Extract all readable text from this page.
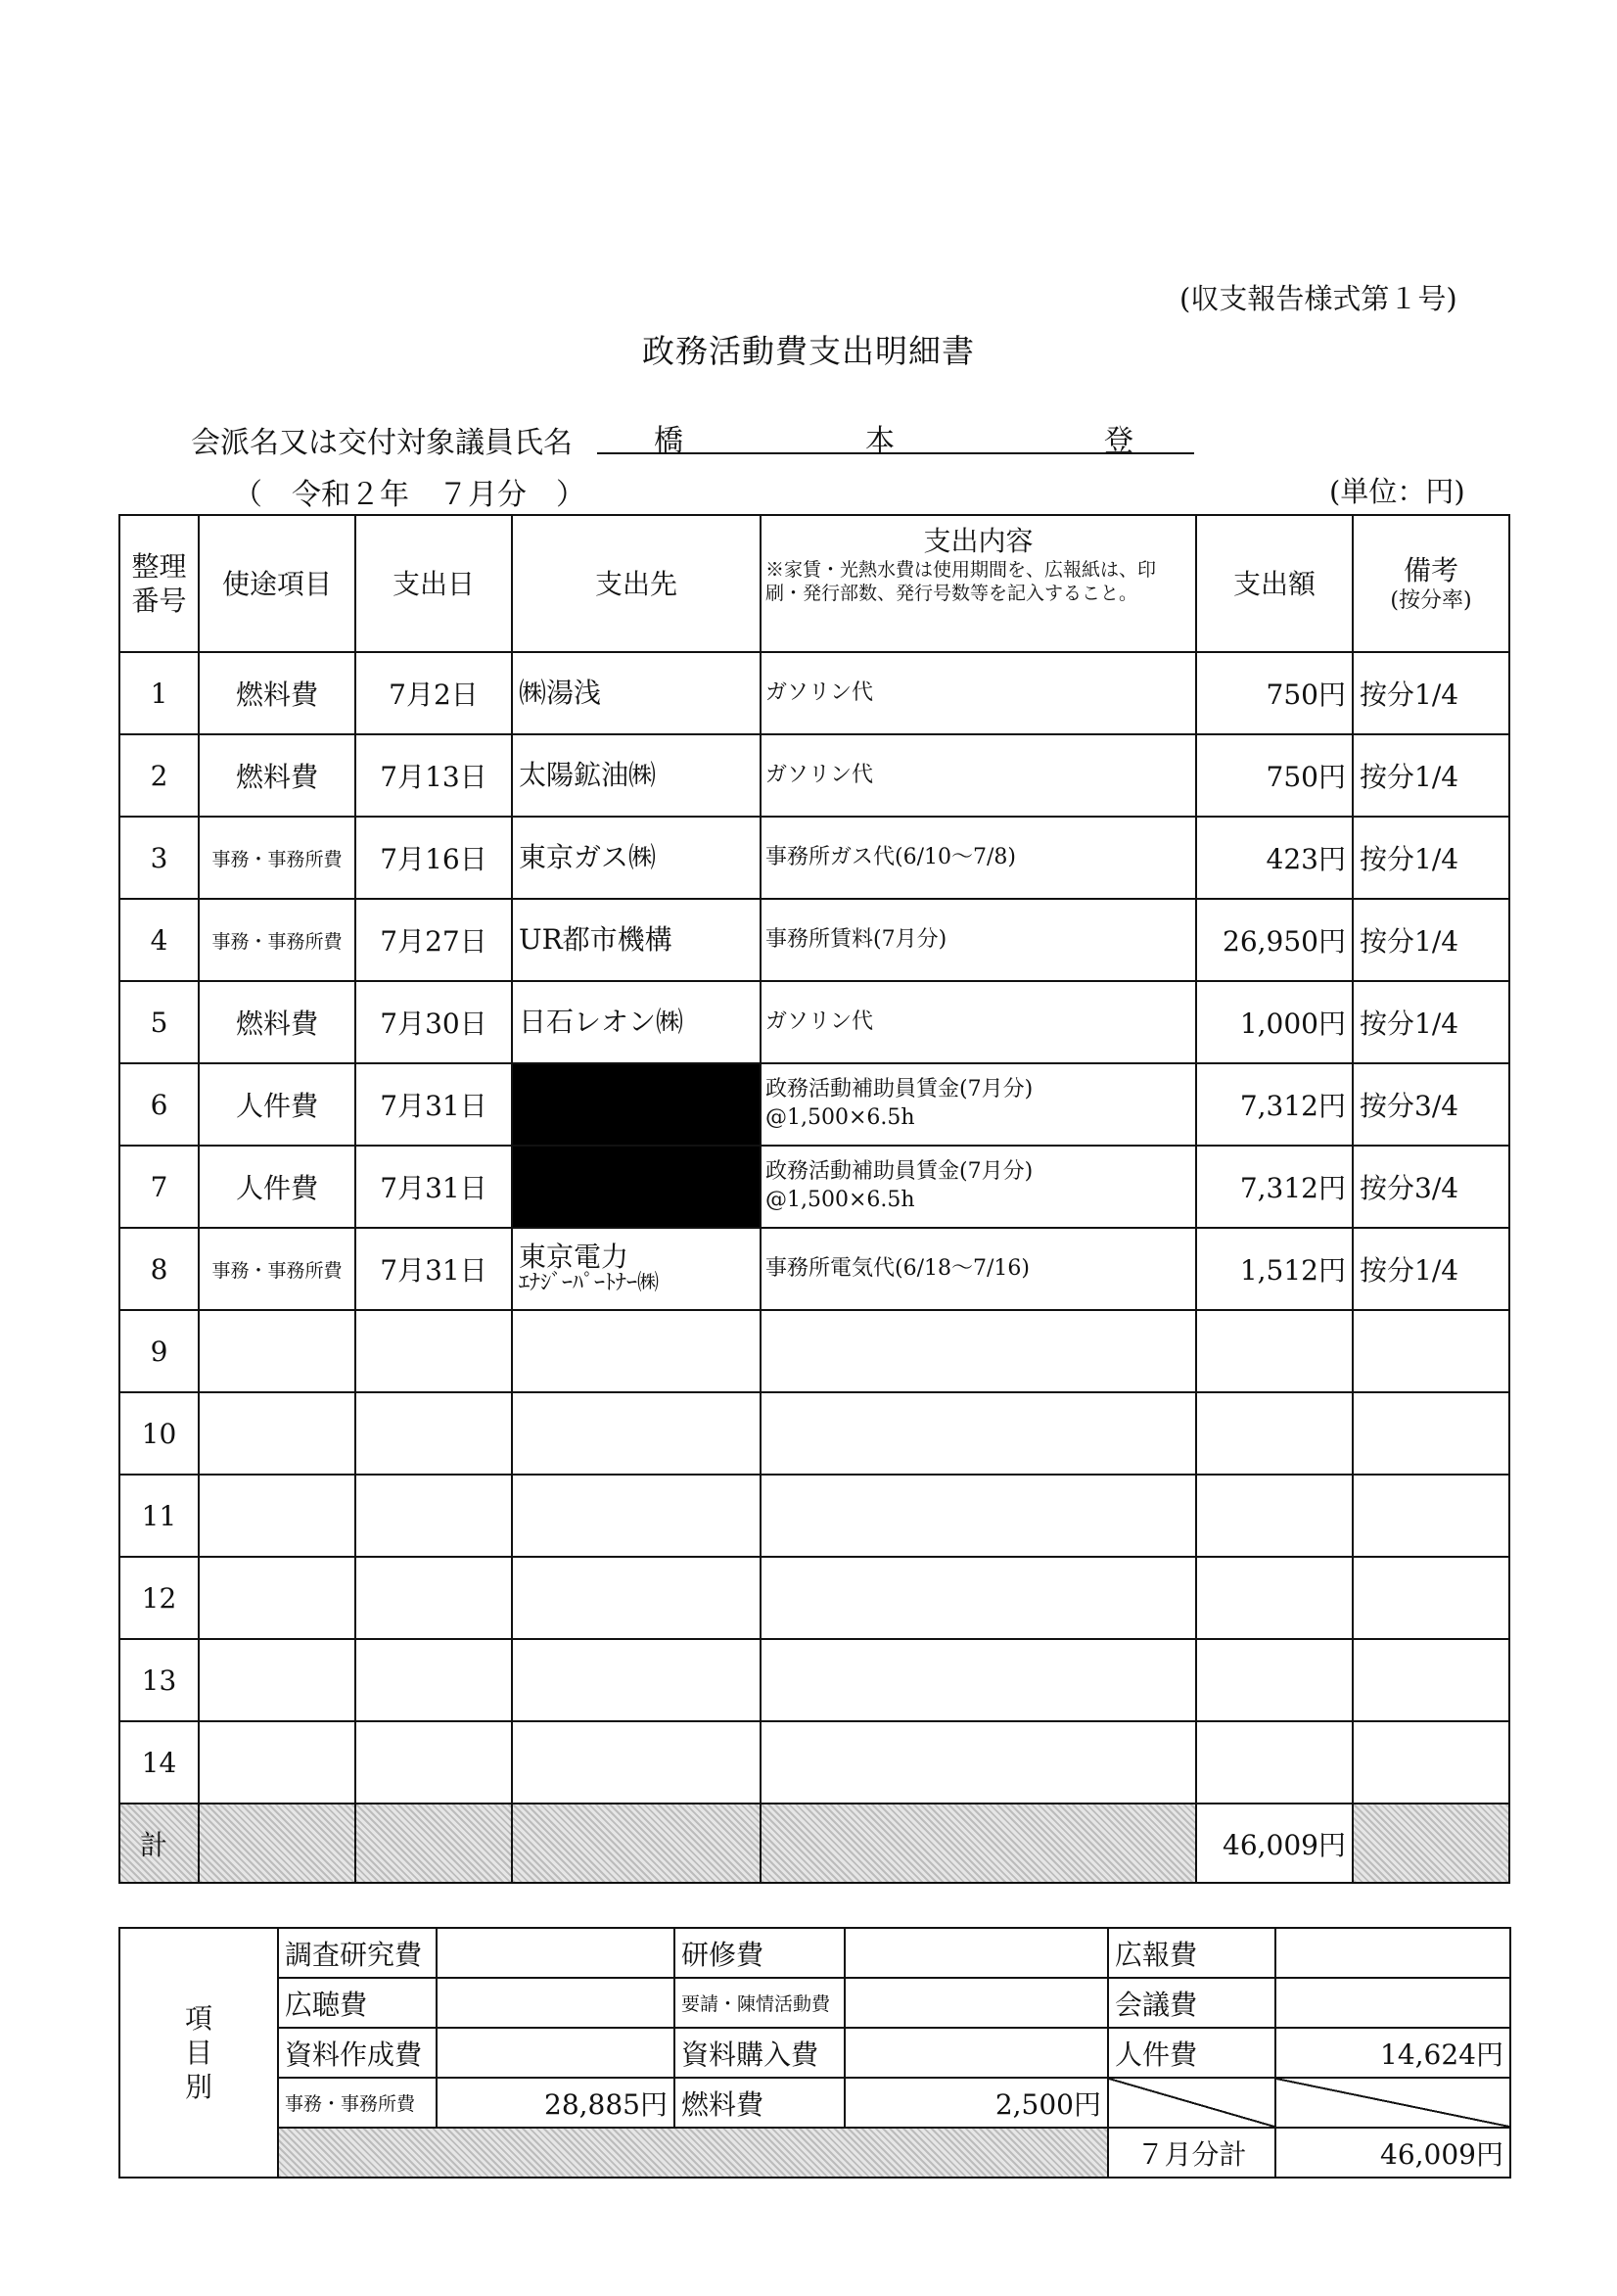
(収支報告様式第１号)
政務活動費支出明細書
会派名又は交付対象議員氏名	橋	本	登
（　令和２年　７月分　）	(単位：円)
整理番号	使途項目	支出日	支出先	支出内容
※家賃・光熱水費は使用期間を、広報紙は、印刷・発行部数、発行号数等を記入すること。	支出額	備考
(按分率)

1	燃料費	7月2日	㈱湯浅	ガソリン代	750円	按分1/4
2	燃料費	7月13日	太陽鉱油㈱	ガソリン代	750円	按分1/4
3	事務・事務所費	7月16日	東京ガス㈱	事務所ガス代(6/10～7/8)	423円	按分1/4
4	事務・事務所費	7月27日	UR都市機構	事務所賃料(7月分)	26,950円	按分1/4
5	燃料費	7月30日	日石レオン㈱	ガソリン代	1,000円	按分1/4
6	人件費	7月31日		政務活動補助員賃金(7月分)
@1,500×6.5h	7,312円	按分3/4
7	人件費	7月31日		政務活動補助員賃金(7月分)
@1,500×6.5h	7,312円	按分3/4
8	事務・事務所費	7月31日	東京電力
ｴﾅｼﾞｰﾊﾟｰﾄﾅｰ㈱	事務所電気代(6/18～7/16)	1,512円	按分1/4
9			

10			

11			

12			

13			

14			

計					46,009円	
項
目
別	調査研究費		研修費		広報費	
	広聴費		要請・陳情活動費		会議費	
	資料作成費		資料購入費		人件費	14,624円
	事務・事務所費	28,885円	燃料費	2,500円		
					７月分計	46,009円
